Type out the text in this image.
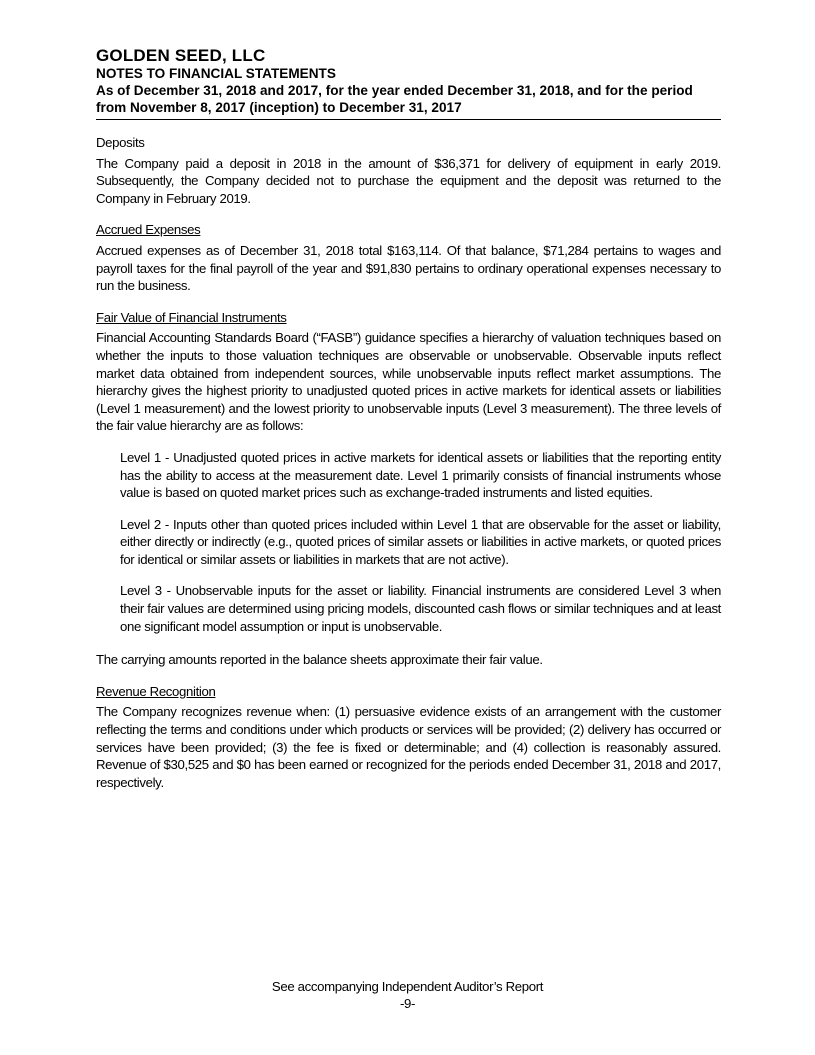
GOLDEN SEED, LLC
NOTES TO FINANCIAL STATEMENTS
As of December 31, 2018 and 2017, for the year ended December 31, 2018, and for the period
from November 8, 2017 (inception) to December 31, 2017
Deposits

The Company paid a deposit in 2018 in the amount of $36,371 for delivery of equipment in early 2019. Subsequently, the Company decided not to purchase the equipment and the deposit was returned to the Company in February 2019.

Accrued Expenses

Accrued expenses as of December 31, 2018 total $163,114. Of that balance, $71,284 pertains to wages and payroll taxes for the final payroll of the year and $91,830 pertains to ordinary operational expenses necessary to run the business.

Fair Value of Financial Instruments

Financial Accounting Standards Board (“FASB”) guidance specifies a hierarchy of valuation techniques based on whether the inputs to those valuation techniques are observable or unobservable. Observable inputs reflect market data obtained from independent sources, while unobservable inputs reflect market assumptions. The hierarchy gives the highest priority to unadjusted quoted prices in active markets for identical assets or liabilities (Level 1 measurement) and the lowest priority to unobservable inputs (Level 3 measurement). The three levels of the fair value hierarchy are as follows:

Level 1 - Unadjusted quoted prices in active markets for identical assets or liabilities that the reporting entity has the ability to access at the measurement date. Level 1 primarily consists of financial instruments whose value is based on quoted market prices such as exchange-traded instruments and listed equities.

Level 2 - Inputs other than quoted prices included within Level 1 that are observable for the asset or liability, either directly or indirectly (e.g., quoted prices of similar assets or liabilities in active markets, or quoted prices for identical or similar assets or liabilities in markets that are not active).

Level 3 - Unobservable inputs for the asset or liability. Financial instruments are considered Level 3 when their fair values are determined using pricing models, discounted cash flows or similar techniques and at least one significant model assumption or input is unobservable.

The carrying amounts reported in the balance sheets approximate their fair value.

Revenue Recognition

The Company recognizes revenue when: (1) persuasive evidence exists of an arrangement with the customer reflecting the terms and conditions under which products or services will be provided; (2) delivery has occurred or services have been provided; (3) the fee is fixed or determinable; and (4) collection is reasonably assured. Revenue of $30,525 and $0 has been earned or recognized for the periods ended December 31, 2018 and 2017, respectively.

See accompanying Independent Auditor’s Report
-9-
